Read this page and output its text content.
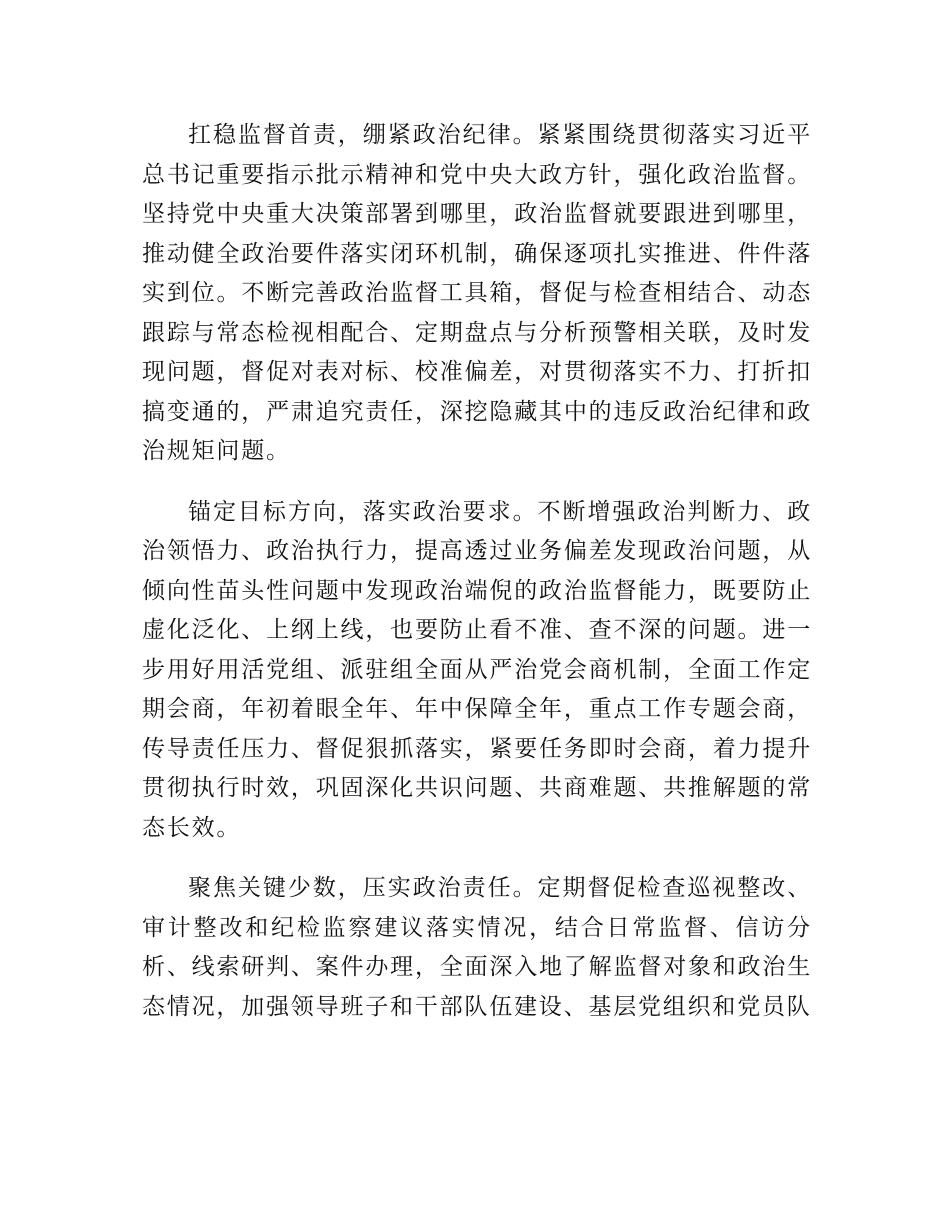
扛稳监督首责，绷紧政治纪律。紧紧围绕贯彻落实习近平总书记重要指示批示精神和党中央大政方针，强化政治监督。坚持党中央重大决策部署到哪里，政治监督就要跟进到哪里，推动健全政治要件落实闭环机制，确保逐项扎实推进、件件落实到位。不断完善政治监督工具箱，督促与检查相结合、动态跟踪与常态检视相配合、定期盘点与分析预警相关联，及时发现问题，督促对表对标、校准偏差，对贯彻落实不力、打折扣搞变通的，严肃追究责任，深挖隐藏其中的违反政治纪律和政治规矩问题。

锚定目标方向，落实政治要求。不断增强政治判断力、政治领悟力、政治执行力，提高透过业务偏差发现政治问题，从倾向性苗头性问题中发现政治端倪的政治监督能力，既要防止虚化泛化、上纲上线，也要防止看不准、查不深的问题。进一步用好用活党组、派驻组全面从严治党会商机制，全面工作定期会商，年初着眼全年、年中保障全年，重点工作专题会商，传导责任压力、督促狠抓落实，紧要任务即时会商，着力提升贯彻执行时效，巩固深化共识问题、共商难题、共推解题的常态长效。

聚焦关键少数，压实政治责任。定期督促检查巡视整改、审计整改和纪检监察建议落实情况，结合日常监督、信访分析、线索研判、案件办理，全面深入地了解监督对象和政治生态情况，加强领导班子和干部队伍建设、基层党组织和党员队
